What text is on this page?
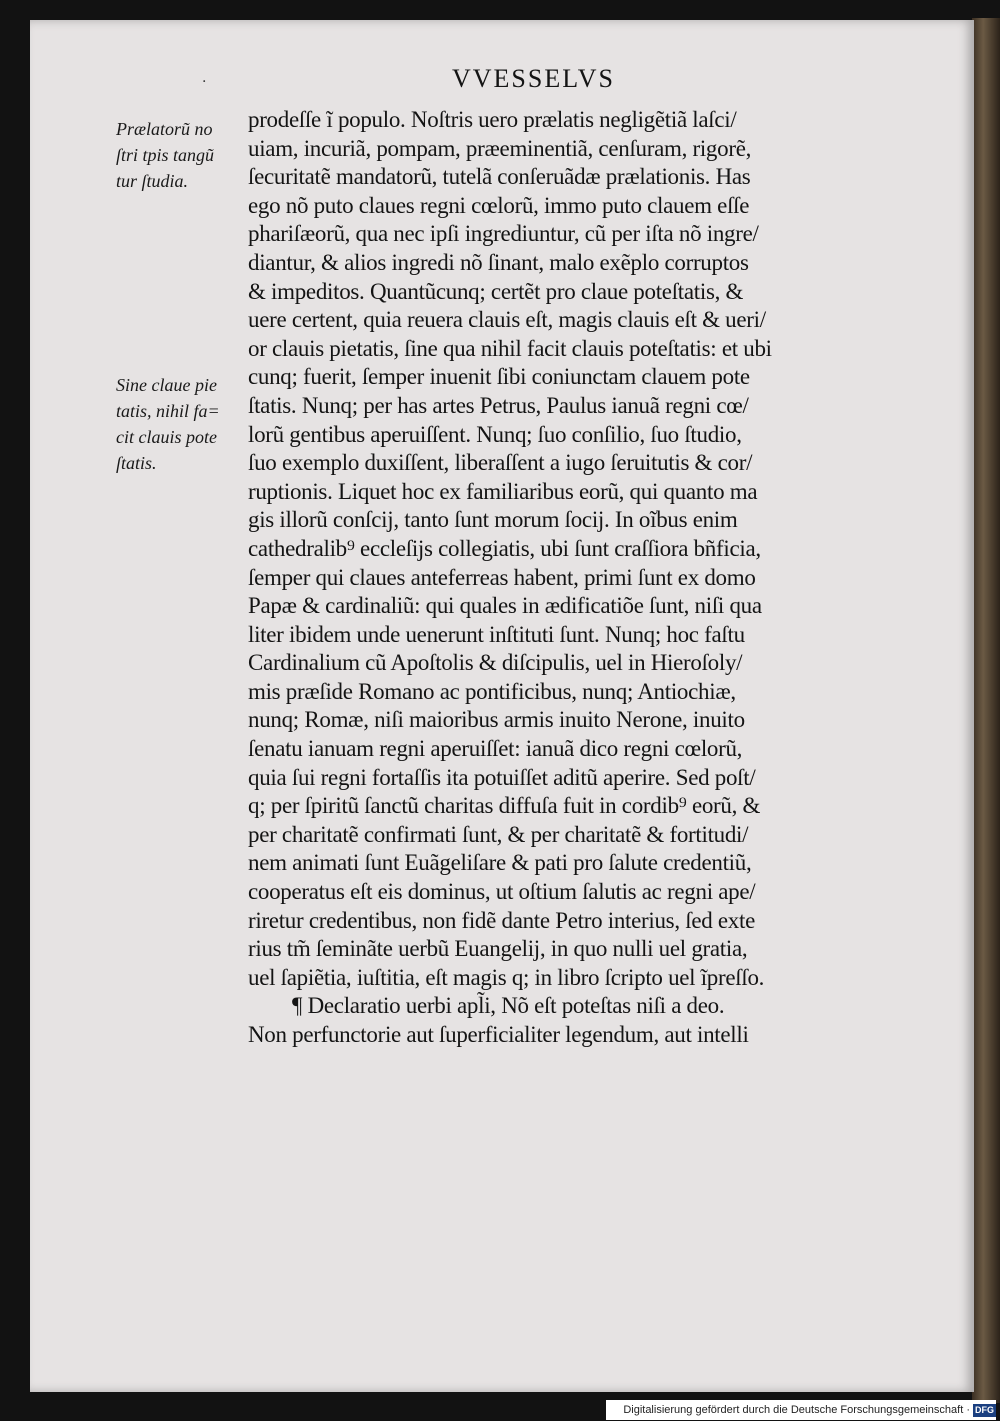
·	VVESSELVS
Prælatorũ no
ſtri tpis tangũ
tur ſtudia.
Sine claue pie
tatis, nihil fa=
cit clauis pote
ſtatis.
prodeſſe ĩ populo. Noſtris uero prælatis negligẽtiã laſci/
uiam, incuriã, pompam, præeminentiã, cenſuram, rigorẽ,
ſecuritatẽ mandatorũ, tutelã conſeruãdæ prælationis. Has
ego nõ puto claues regni cœlorũ, immo puto clauem eſſe
phariſæorũ, qua nec ipſi ingrediuntur, cũ per iſta nõ ingre/
diantur, & alios ingredi nõ ſinant, malo exẽplo corruptos
& impeditos. Quantũcunq; certẽt pro claue poteſtatis, &
uere certent, quia reuera clauis eſt, magis clauis eſt & ueri/
or clauis pietatis, ſine qua nihil facit clauis poteſtatis: et ubi
cunq; fuerit, ſemper inuenit ſibi coniunctam clauem pote
ſtatis. Nunq; per has artes Petrus, Paulus ianuã regni cœ/
lorũ gentibus aperuiſſent. Nunq; ſuo conſilio, ſuo ſtudio,
ſuo exemplo duxiſſent, liberaſſent a iugo ſeruitutis & cor/
ruptionis. Liquet hoc ex familiaribus eorũ, qui quanto ma
gis illorũ conſcij, tanto ſunt morum ſocij. In oĩbus enim
cathedralib⁹ eccleſijs collegiatis, ubi ſunt craſſiora bñficia,
ſemper qui claues anteferreas habent, primi ſunt ex domo
Papæ & cardinaliũ: qui quales in ædificatiõe ſunt, niſi qua
liter ibidem unde uenerunt inſtituti ſunt. Nunq; hoc faſtu
Cardinalium cũ Apoſtolis & diſcipulis, uel in Hieroſoly/
mis præſide Romano ac pontificibus, nunq; Antiochiæ,
nunq; Romæ, niſi maioribus armis inuito Nerone, inuito
ſenatu ianuam regni aperuiſſet: ianuã dico regni cœlorũ,
quia ſui regni fortaſſis ita potuiſſet aditũ aperire. Sed poſt/
q; per ſpiritũ ſanctũ charitas diffuſa fuit in cordib⁹ eorũ, &
per charitatẽ confirmati ſunt, & per charitatẽ & fortitudi/
nem animati ſunt Euãgeliſare & pati pro ſalute credentiũ,
cooperatus eſt eis dominus, ut oſtium ſalutis ac regni ape/
riretur credentibus, non fidẽ dante Petro interius, ſed exte
rius tm̃ ſeminãte uerbũ Euangelij, in quo nulli uel gratia,
uel ſapiẽtia, iuſtitia, eſt magis q; in libro ſcripto uel ĩpreſſo.
¶ Declaratio uerbi apl̃i, Nõ eſt poteſtas niſi a deo.
Non perfunctorie aut ſuperficialiter legendum, aut intelli
Digitalisierung gefördert durch die Deutsche Forschungsgemeinschaft · DFG
